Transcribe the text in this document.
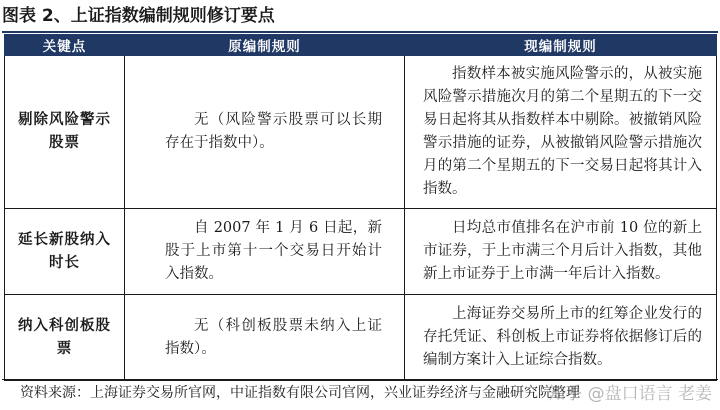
图表 2、上证指数编制规则修订要点
关键点	原编制规则	现编制规则
剔除风险警示股票	无（风险警示股票可以长期存在于指数中）。	指数样本被实施风险警示的，从被实施风险警示措施次月的第二个星期五的下一交易日起将其从指数样本中剔除。被撤销风险警示措施的证券，从被撤销风险警示措施次月的第二个星期五的下一交易日起将其计入指数。

延长新股纳入时长	自 2007 年 1 月 6 日起，新股于上市第十一个交易日开始计入指数。	日均总市值排名在沪市前 10 位的新上市证券，于上市满三个月后计入指数，其他新上市证券于上市满一年后计入指数。

纳入科创板股票	无（科创板股票未纳入上证指数）。	上海证券交易所上市的红筹企业发行的存托凭证、科创板上市证券将依据修订后的编制方案计入上证综合指数。
资料来源：上海证券交易所官网，中证指数有限公司官网，兴业证券经济与金融研究院整理
知乎 @盘口语言 老姜
